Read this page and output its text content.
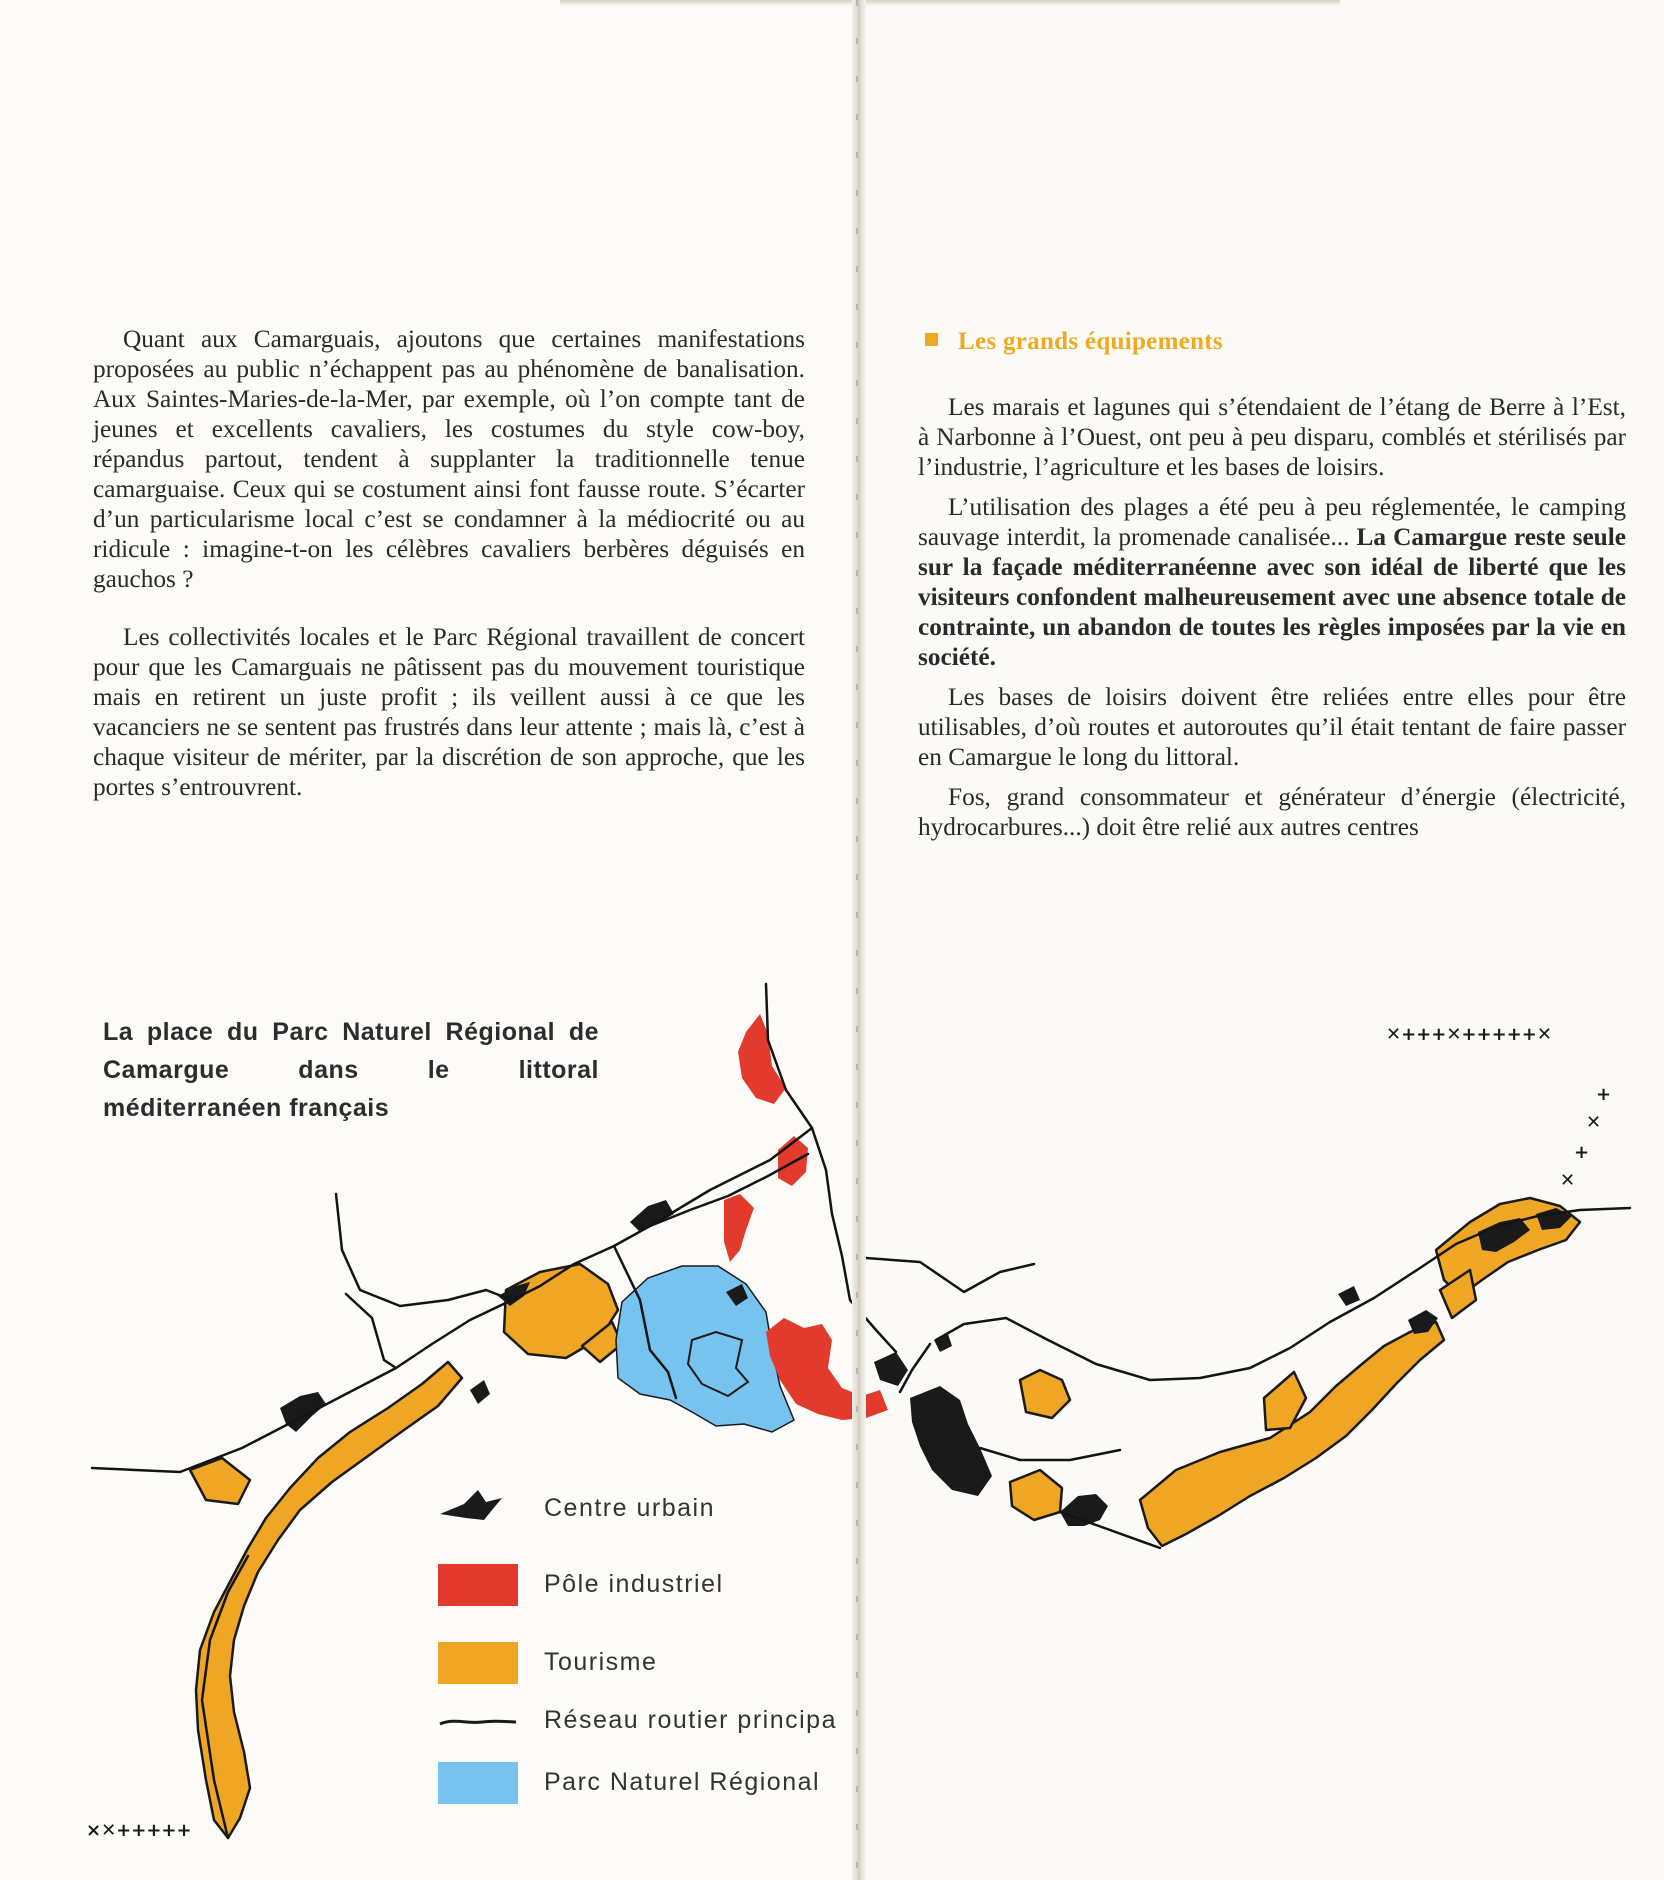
Quant aux Camarguais, ajoutons que certaines manifestations proposées au public n’échappent pas au phénomène de banalisation. Aux Saintes-Maries-de-la-Mer, par exemple, où l’on compte tant de jeunes et excellents cavaliers, les costumes du style cow-boy, répandus partout, tendent à supplanter la traditionnelle tenue camarguaise. Ceux qui se costument ainsi font fausse route. S’écarter d’un particularisme local c’est se condamner à la médiocrité ou au ridicule : imagine-t-on les célèbres cavaliers berbères déguisés en gauchos ?

Les collectivités locales et le Parc Régional travaillent de concert pour que les Camarguais ne pâtissent pas du mouvement touristique mais en retirent un juste profit ; ils veillent aussi à ce que les vacanciers ne se sentent pas frustrés dans leur attente ; mais là, c’est à chaque visiteur de mériter, par la discrétion de son approche, que les portes s’entrouvrent.

Les grands équipements

Les marais et lagunes qui s’étendaient de l’étang de Berre à l’Est, à Narbonne à l’Ouest, ont peu à peu disparu, comblés et stérilisés par l’industrie, l’agriculture et les bases de loisirs.

L’utilisation des plages a été peu à peu réglementée, le camping sauvage interdit, la promenade canalisée... La Camargue reste seule sur la façade méditerranéenne avec son idéal de liberté que les visiteurs confondent malheureusement avec une absence totale de contrainte, un abandon de toutes les règles imposées par la vie en société.

Les bases de loisirs doivent être reliées entre elles pour être utilisables, d’où routes et autoroutes qu’il était tentant de faire passer en Camargue le long du littoral.

Fos, grand consommateur et générateur d’énergie (électricité, hydrocarbures...) doit être relié aux autres centres

La place du Parc Naturel Régional de Camargue dans le littoral méditerranéen français
×✕+++++
✕+++✕+++++✕
+
✕
+
✕
Centre urbain
Pôle industriel
Tourisme
Réseau routier principa
Parc Naturel Régional
